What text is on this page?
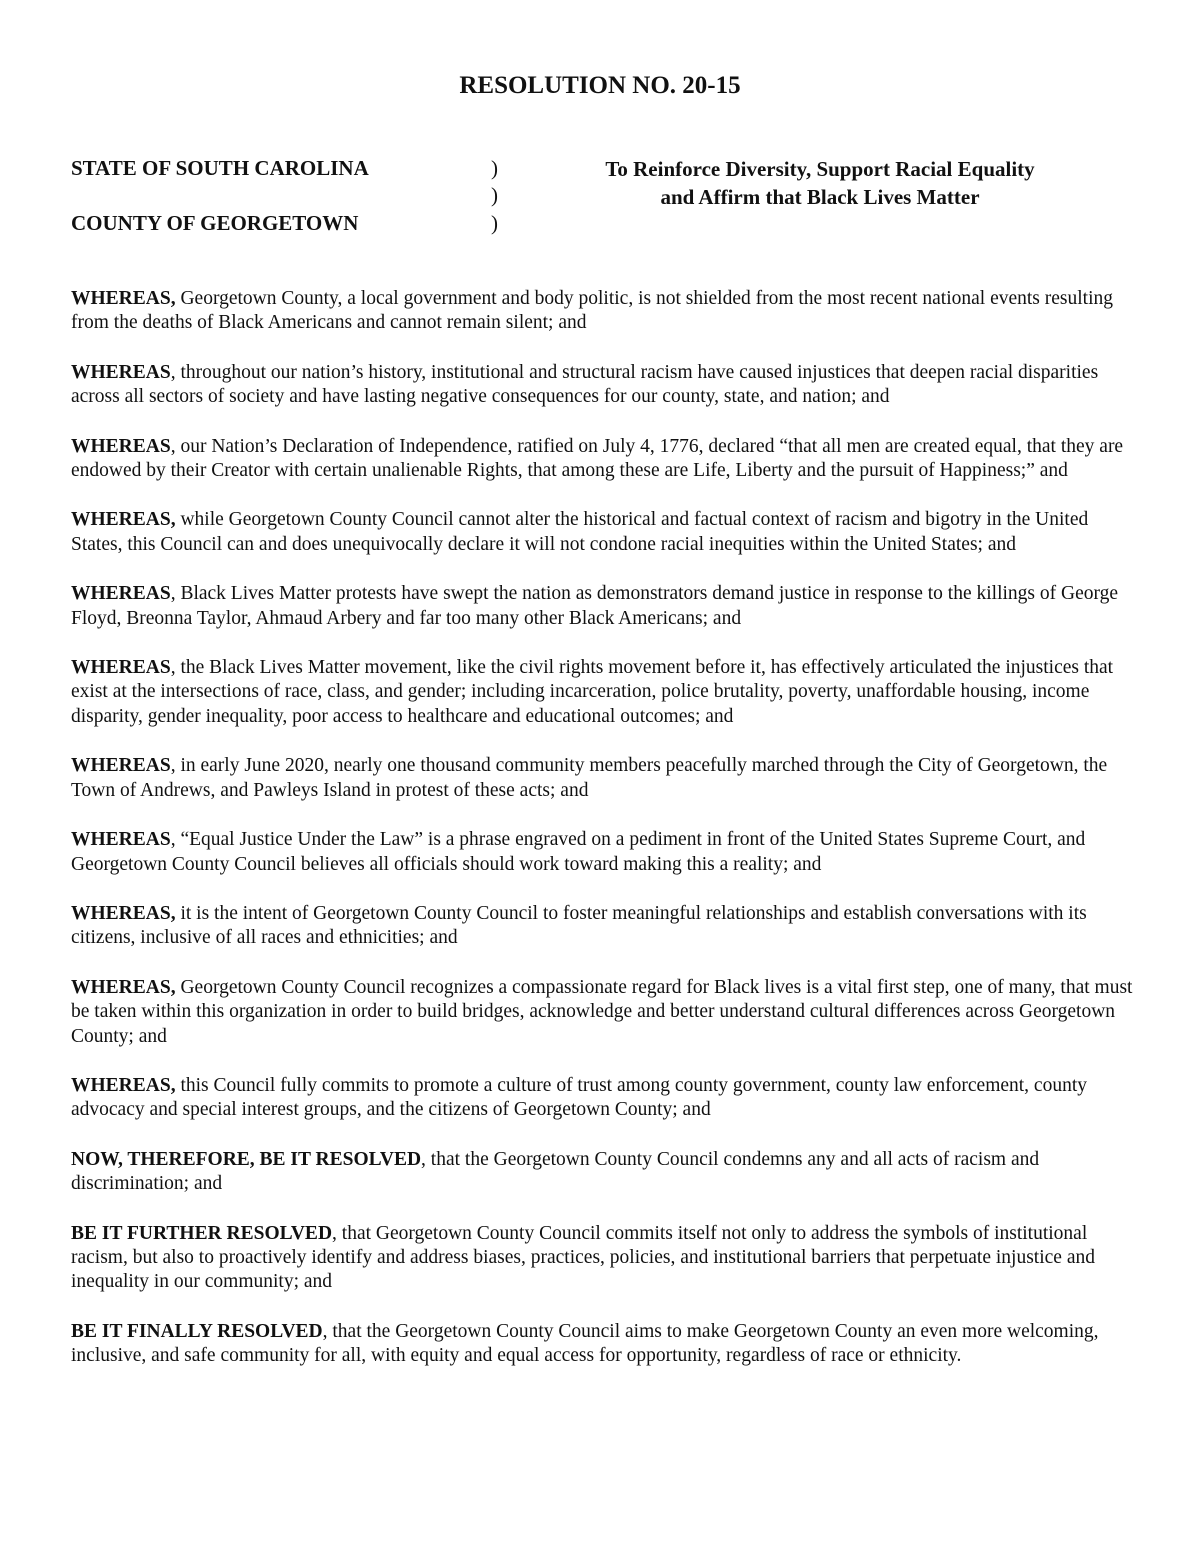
RESOLUTION NO. 20-15
STATE OF SOUTH CAROLINA
COUNTY OF GEORGETOWN
)
)
)
To Reinforce Diversity, Support Racial Equality
and Affirm that Black Lives Matter

WHEREAS, Georgetown County, a local government and body politic, is not shielded from the most recent national events resulting from the deaths of Black Americans and cannot remain silent; and

WHEREAS, throughout our nation’s history, institutional and structural racism have caused injustices that deepen racial disparities across all sectors of society and have lasting negative consequences for our county, state, and nation; and

WHEREAS, our Nation’s Declaration of Independence, ratified on July 4, 1776, declared “that all men are created equal, that they are endowed by their Creator with certain unalienable Rights, that among these are Life, Liberty and the pursuit of Happiness;” and

WHEREAS, while Georgetown County Council cannot alter the historical and factual context of racism and bigotry in the United States, this Council can and does unequivocally declare it will not condone racial inequities within the United States; and

WHEREAS, Black Lives Matter protests have swept the nation as demonstrators demand justice in response to the killings of George Floyd, Breonna Taylor, Ahmaud Arbery and far too many other Black Americans; and

WHEREAS, the Black Lives Matter movement, like the civil rights movement before it, has effectively articulated the injustices that exist at the intersections of race, class, and gender; including incarceration, police brutality, poverty, unaffordable housing, income disparity, gender inequality, poor access to healthcare and educational outcomes; and

WHEREAS, in early June 2020, nearly one thousand community members peacefully marched through the City of Georgetown, the Town of Andrews, and Pawleys Island in protest of these acts; and

WHEREAS, “Equal Justice Under the Law” is a phrase engraved on a pediment in front of the United States Supreme Court, and Georgetown County Council believes all officials should work toward making this a reality; and

WHEREAS, it is the intent of Georgetown County Council to foster meaningful relationships and establish conversations with its citizens, inclusive of all races and ethnicities; and

WHEREAS, Georgetown County Council recognizes a compassionate regard for Black lives is a vital first step, one of many, that must be taken within this organization in order to build bridges, acknowledge and better understand cultural differences across Georgetown County; and

WHEREAS, this Council fully commits to promote a culture of trust among county government, county law enforcement, county advocacy and special interest groups, and the citizens of Georgetown County; and

NOW, THEREFORE, BE IT RESOLVED, that the Georgetown County Council condemns any and all acts of racism and discrimination; and

BE IT FURTHER RESOLVED, that Georgetown County Council commits itself not only to address the symbols of institutional racism, but also to proactively identify and address biases, practices, policies, and institutional barriers that perpetuate injustice and inequality in our community; and

BE IT FINALLY RESOLVED, that the Georgetown County Council aims to make Georgetown County an even more welcoming, inclusive, and safe community for all, with equity and equal access for opportunity, regardless of race or ethnicity.
